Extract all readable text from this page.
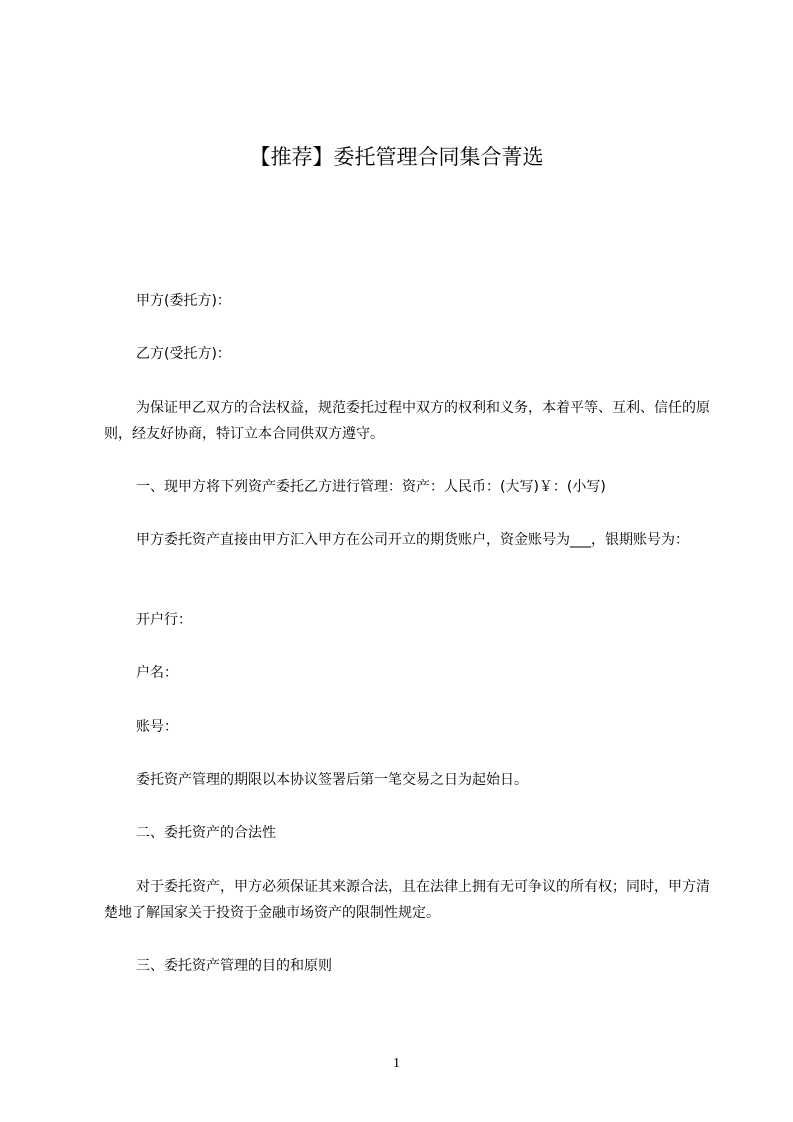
【推荐】委托管理合同集合菁选

甲方(委托方)：

乙方(受托方)：

为保证甲乙双方的合法权益，规范委托过程中双方的权利和义务，本着平等、互利、信任的原则，经友好协商，特订立本合同供双方遵守。

一、现甲方将下列资产委托乙方进行管理：资产：人民币：(大写)￥：(小写)

甲方委托资产直接由甲方汇入甲方在公司开立的期货账户，资金账号为___，银期账号为：

开户行：

户名：

账号：

委托资产管理的期限以本协议签署后第一笔交易之日为起始日。

二、委托资产的合法性

对于委托资产，甲方必须保证其来源合法，且在法律上拥有无可争议的所有权；同时，甲方清楚地了解国家关于投资于金融市场资产的限制性规定。

三、委托资产管理的目的和原则

1
